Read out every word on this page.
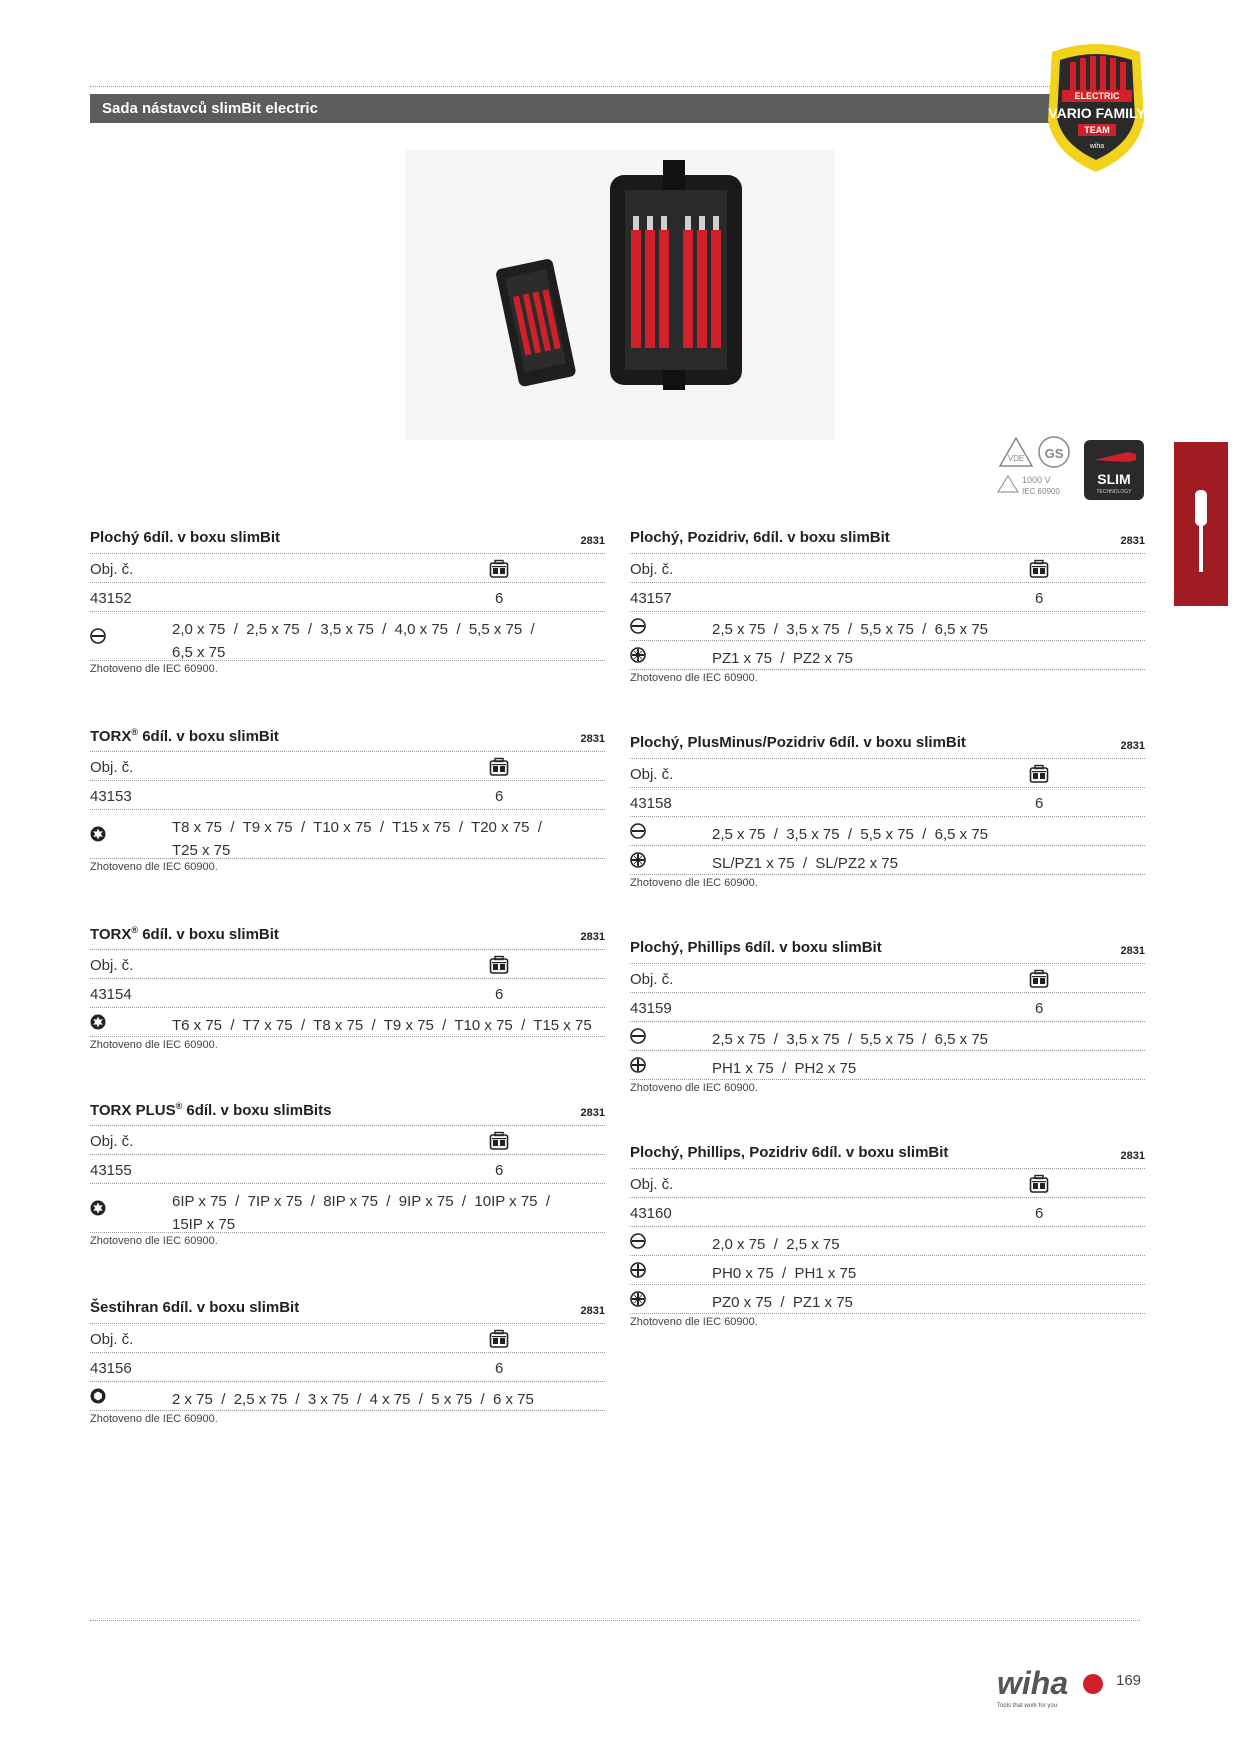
Sada nástavců slimBit electric
ELECTRIC
VARIO FAMILY
TEAM
wiha
VDE GS
1000 V
IEC 60900
SLIM
TECHNOLOGY
Plochý 6díl. v boxu slimBit	2831
Obj. č.
43152	6
2,0 x 75  /  2,5 x 75  /  3,5 x 75  /  4,0 x 75  /  5,5 x 75  /
6,5 x 75
Zhotoveno dle IEC 60900.
TORX® 6díl. v boxu slimBit	2831
Obj. č.
43153	6
T8 x 75  /  T9 x 75  /  T10 x 75  /  T15 x 75  /  T20 x 75  /
T25 x 75
Zhotoveno dle IEC 60900.
TORX® 6díl. v boxu slimBit	2831
Obj. č.
43154	6
T6 x 75  /  T7 x 75  /  T8 x 75  /  T9 x 75  /  T10 x 75  /  T15 x 75
Zhotoveno dle IEC 60900.
TORX PLUS® 6díl. v boxu slimBits	2831
Obj. č.
43155	6
6IP x 75  /  7IP x 75  /  8IP x 75  /  9IP x 75  /  10IP x 75  /
15IP x 75
Zhotoveno dle IEC 60900.
Šestihran 6díl. v boxu slimBit	2831
Obj. č.
43156	6
2 x 75  /  2,5 x 75  /  3 x 75  /  4 x 75  /  5 x 75  /  6 x 75
Zhotoveno dle IEC 60900.
Plochý, Pozidriv, 6díl. v boxu slimBit	2831
Obj. č.
43157	6
2,5 x 75  /  3,5 x 75  /  5,5 x 75  /  6,5 x 75
PZ1 x 75  /  PZ2 x 75
Zhotoveno dle IEC 60900.
Plochý, PlusMinus/Pozidriv 6díl. v boxu slimBit	2831
Obj. č.
43158	6
2,5 x 75  /  3,5 x 75  /  5,5 x 75  /  6,5 x 75
SL/PZ1 x 75  /  SL/PZ2 x 75
Zhotoveno dle IEC 60900.
Plochý, Phillips 6díl. v boxu slimBit	2831
Obj. č.
43159	6
2,5 x 75  /  3,5 x 75  /  5,5 x 75  /  6,5 x 75
PH1 x 75  /  PH2 x 75
Zhotoveno dle IEC 60900.
Plochý, Phillips, Pozidriv 6díl. v boxu slimBit	2831
Obj. č.
43160	6
2,0 x 75  /  2,5 x 75
PH0 x 75  /  PH1 x 75
PZ0 x 75  /  PZ1 x 75
Zhotoveno dle IEC 60900.
wiha
Tools that work for you
169
